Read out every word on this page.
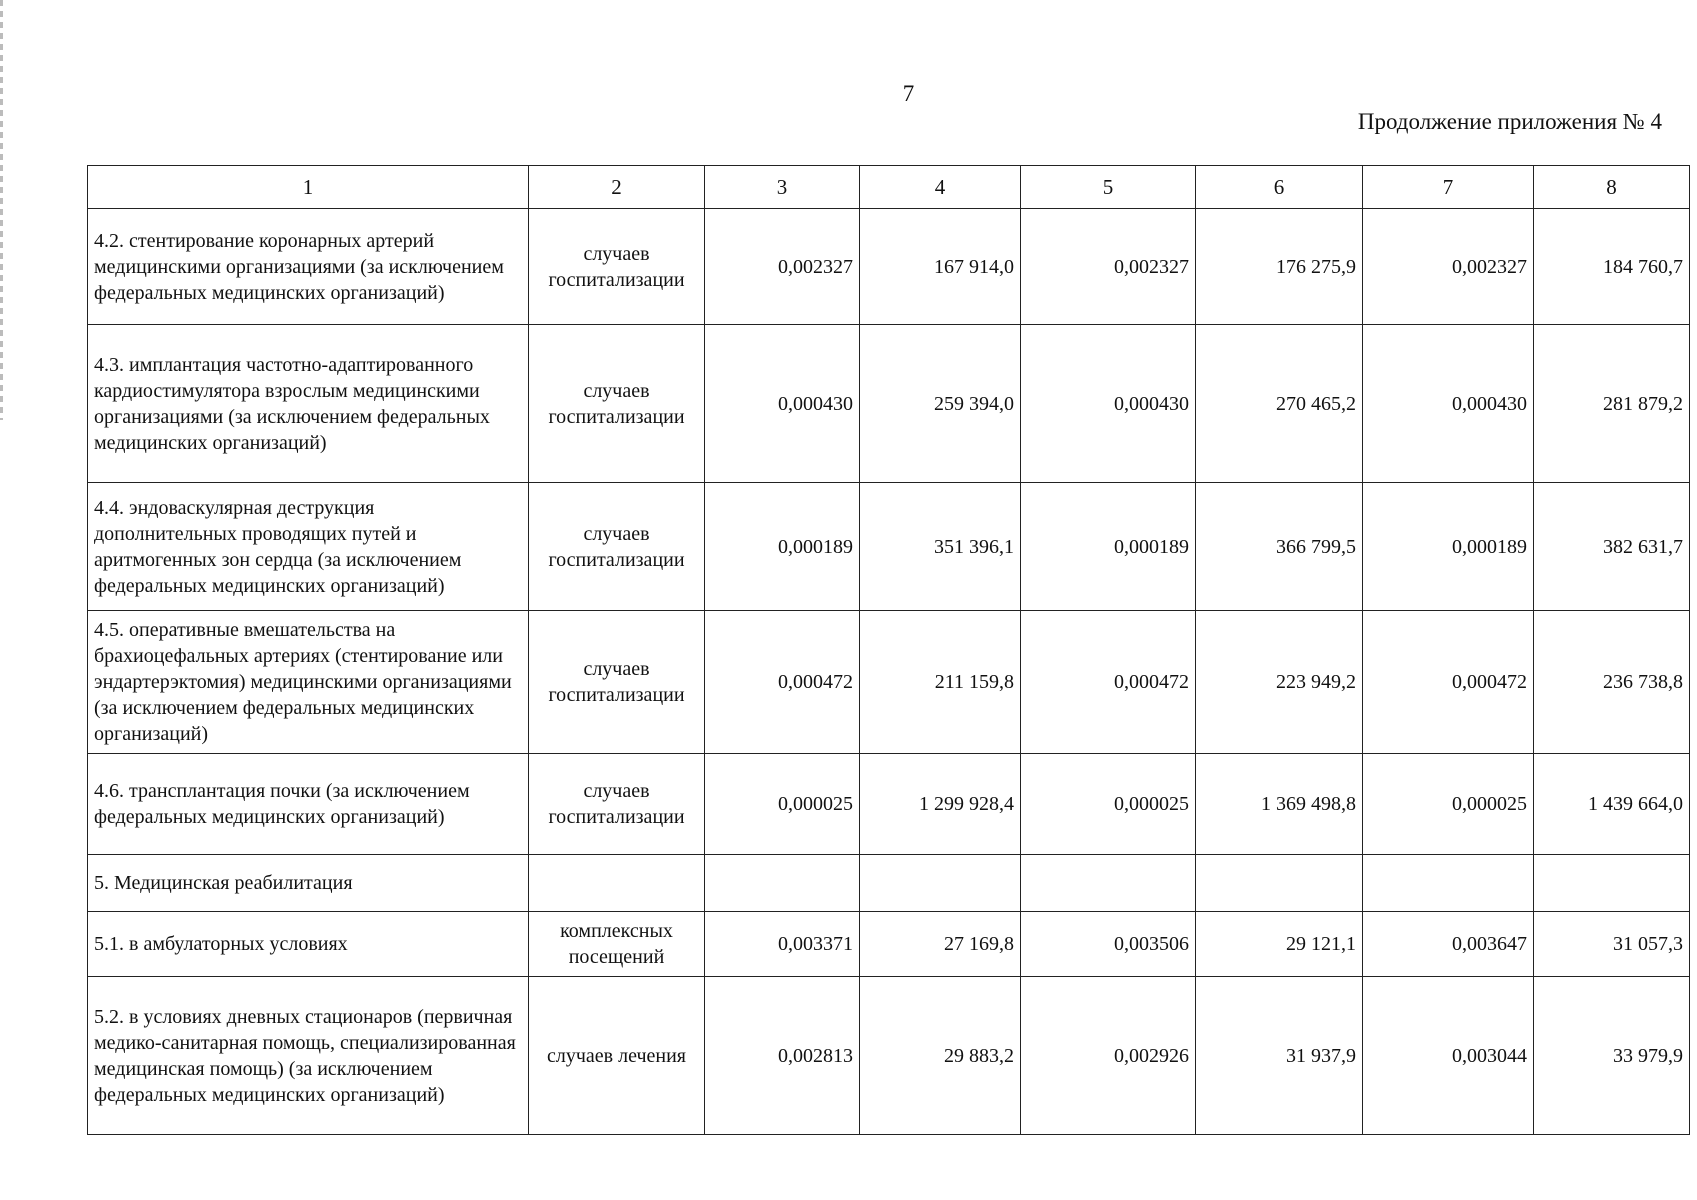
7
Продолжение приложения № 4
1	2	3	4	5	6	7	8
4.2. стентирование коронарных артерий медицинскими организациями (за исключением федеральных медицинских организаций)	случаев госпитализации	0,002327	167 914,0	0,002327	176 275,9	0,002327	184 760,7
4.3. имплантация частотно-адаптированного кардиостимулятора взрослым медицинскими организациями (за исключением федеральных медицинских организаций)	случаев госпитализации	0,000430	259 394,0	0,000430	270 465,2	0,000430	281 879,2
4.4. эндоваскулярная деструкция дополнительных проводящих путей и аритмогенных зон сердца (за исключением федеральных медицинских организаций)	случаев госпитализации	0,000189	351 396,1	0,000189	366 799,5	0,000189	382 631,7
4.5. оперативные вмешательства на брахиоцефальных артериях (стентирование или эндартерэктомия) медицинскими организациями (за исключением федеральных медицинских организаций)	случаев госпитализации	0,000472	211 159,8	0,000472	223 949,2	0,000472	236 738,8
4.6. трансплантация почки (за исключением федеральных медицинских организаций)	случаев госпитализации	0,000025	1 299 928,4	0,000025	1 369 498,8	0,000025	1 439 664,0
5. Медицинская реабилитация							
5.1. в амбулаторных условиях	комплексных посещений	0,003371	27 169,8	0,003506	29 121,1	0,003647	31 057,3
5.2. в условиях дневных стационаров (первичная медико-санитарная помощь, специализированная медицинская помощь) (за исключением федеральных медицинских организаций)	случаев лечения	0,002813	29 883,2	0,002926	31 937,9	0,003044	33 979,9
